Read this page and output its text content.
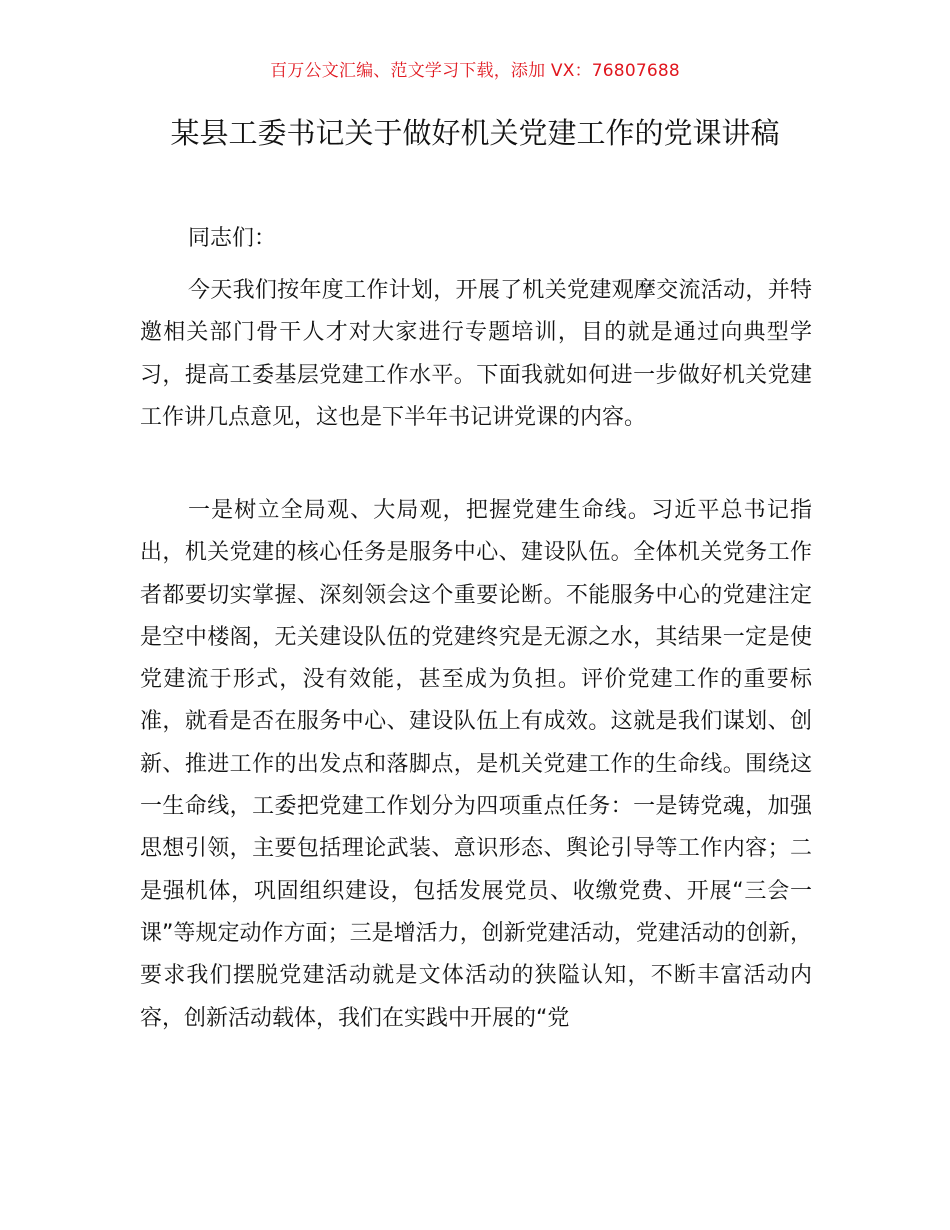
百万公文汇编、范文学习下载，添加 VX：76807688
某县工委书记关于做好机关党建工作的党课讲稿
同志们：

今天我们按年度工作计划，开展了机关党建观摩交流活动，并特邀相关部门骨干人才对大家进行专题培训，目的就是通过向典型学习，提高工委基层党建工作水平。下面我就如何进一步做好机关党建工作讲几点意见，这也是下半年书记讲党课的内容。

一是树立全局观、大局观，把握党建生命线。习近平总书记指出，机关党建的核心任务是服务中心、建设队伍。全体机关党务工作者都要切实掌握、深刻领会这个重要论断。不能服务中心的党建注定是空中楼阁，无关建设队伍的党建终究是无源之水，其结果一定是使党建流于形式，没有效能，甚至成为负担。评价党建工作的重要标准，就看是否在服务中心、建设队伍上有成效。这就是我们谋划、创新、推进工作的出发点和落脚点，是机关党建工作的生命线。围绕这一生命线，工委把党建工作划分为四项重点任务：一是铸党魂，加强思想引领，主要包括理论武装、意识形态、舆论引导等工作内容；二是强机体，巩固组织建设，包括发展党员、收缴党费、开展“三会一课”等规定动作方面；三是增活力，创新党建活动，党建活动的创新，要求我们摆脱党建活动就是文体活动的狭隘认知，不断丰富活动内容，创新活动载体，我们在实践中开展的“党
